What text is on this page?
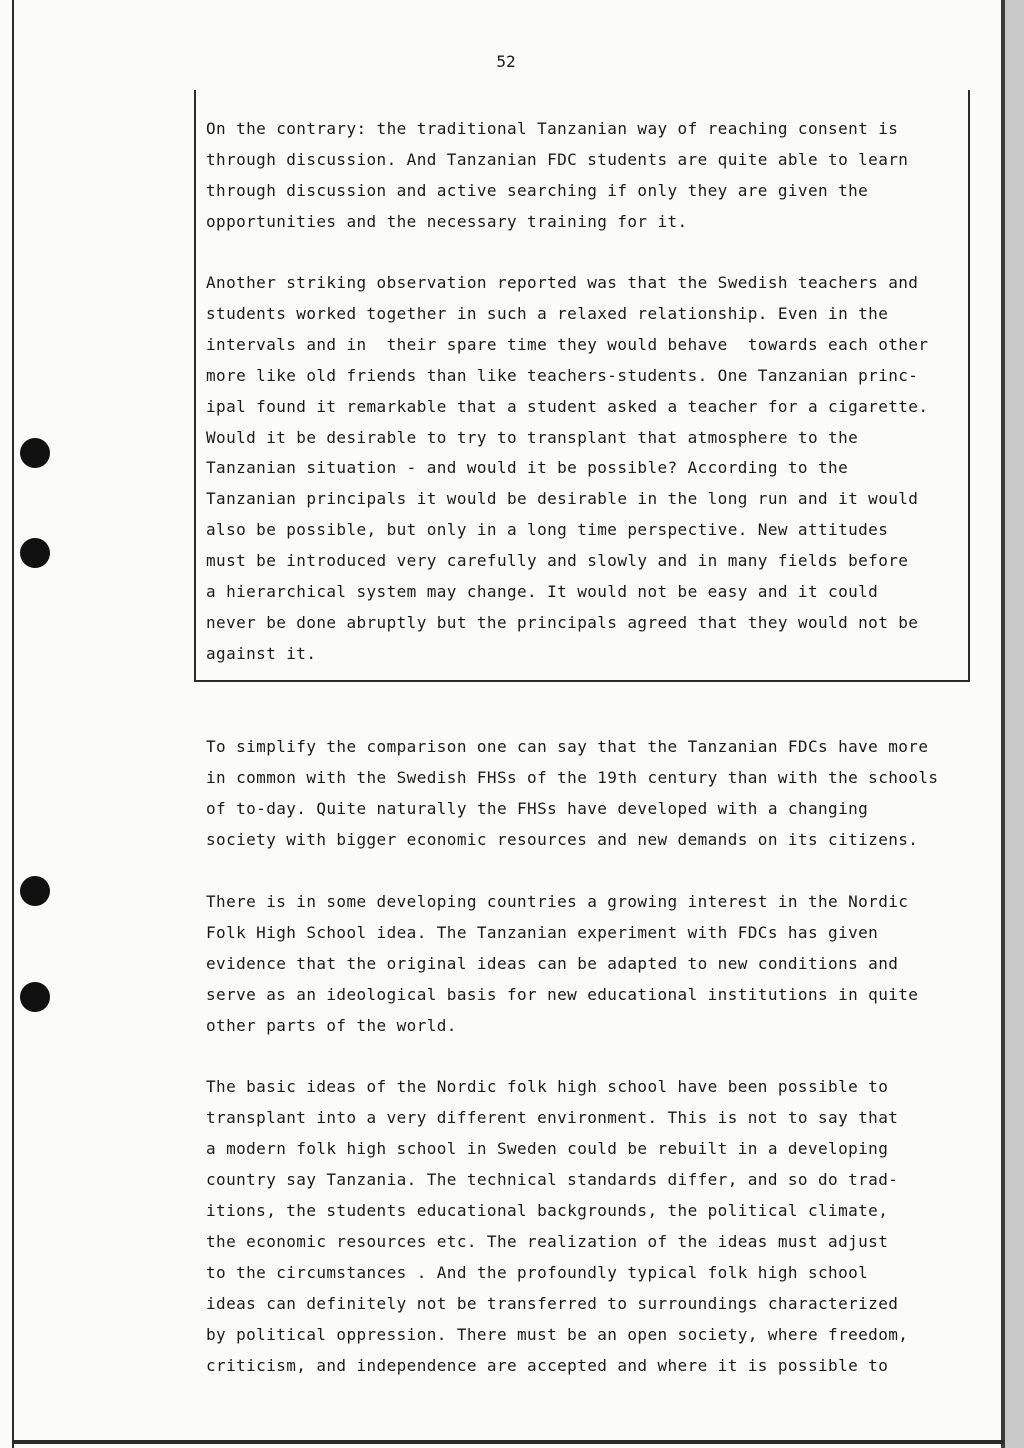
52

On the contrary: the traditional Tanzanian way of reaching consent is
through discussion. And Tanzanian FDC students are quite able to learn
through discussion and active searching if only they are given the
opportunities and the necessary training for it.

Another striking observation reported was that the Swedish teachers and
students worked together in such a relaxed relationship. Even in the
intervals and in  their spare time they would behave  towards each other
more like old friends than like teachers-students. One Tanzanian princ-
ipal found it remarkable that a student asked a teacher for a cigarette.
Would it be desirable to try to transplant that atmosphere to the
Tanzanian situation - and would it be possible? According to the
Tanzanian principals it would be desirable in the long run and it would
also be possible, but only in a long time perspective. New attitudes
must be introduced very carefully and slowly and in many fields before
a hierarchical system may change. It would not be easy and it could
never be done abruptly but the principals agreed that they would not be
against it.

To simplify the comparison one can say that the Tanzanian FDCs have more
in common with the Swedish FHSs of the 19th century than with the schools
of to-day. Quite naturally the FHSs have developed with a changing
society with bigger economic resources and new demands on its citizens.

There is in some developing countries a growing interest in the Nordic
Folk High School idea. The Tanzanian experiment with FDCs has given
evidence that the original ideas can be adapted to new conditions and
serve as an ideological basis for new educational institutions in quite
other parts of the world.

The basic ideas of the Nordic folk high school have been possible to
transplant into a very different environment. This is not to say that
a modern folk high school in Sweden could be rebuilt in a developing
country say Tanzania. The technical standards differ, and so do trad-
itions, the students educational backgrounds, the political climate,
the economic resources etc. The realization of the ideas must adjust
to the circumstances . And the profoundly typical folk high school
ideas can definitely not be transferred to surroundings characterized
by political oppression. There must be an open society, where freedom,
criticism, and independence are accepted and where it is possible to
